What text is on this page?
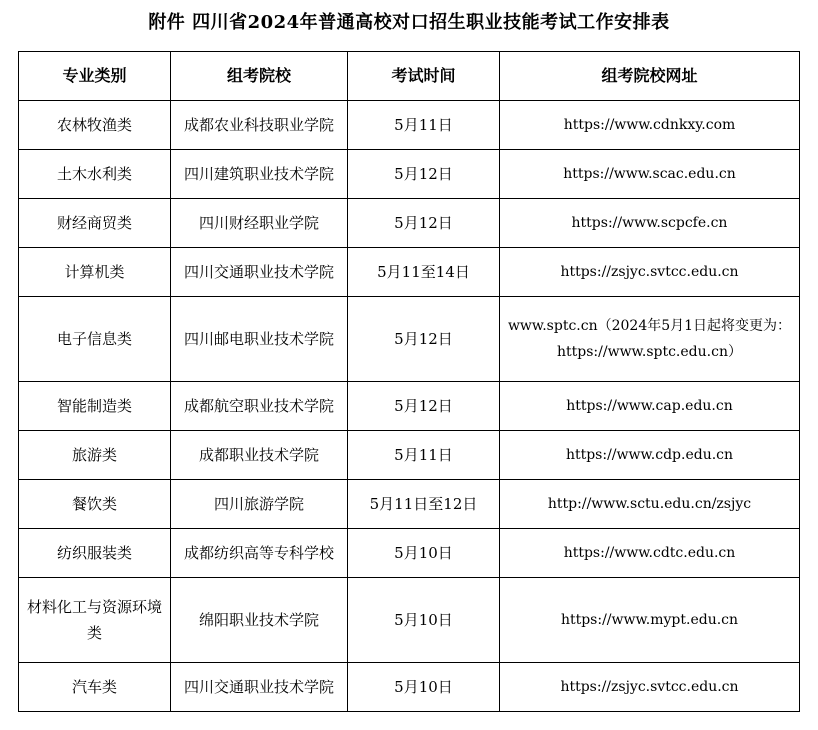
附件 四川省2024年普通高校对口招生职业技能考试工作安排表
专业类别	组考院校	考试时间	组考院校网址
农林牧渔类	成都农业科技职业学院	5月11日	https://www.cdnkxy.com
土木水利类	四川建筑职业技术学院	5月12日	https://www.scac.edu.cn
财经商贸类	四川财经职业学院	5月12日	https://www.scpcfe.cn
计算机类	四川交通职业技术学院	5月11至14日	https://zsjyc.svtcc.edu.cn
电子信息类	四川邮电职业技术学院	5月12日	www.sptc.cn（2024年5月1日起将变更为：
https://www.sptc.edu.cn）

智能制造类	成都航空职业技术学院	5月12日	https://www.cap.edu.cn
旅游类	成都职业技术学院	5月11日	https://www.cdp.edu.cn
餐饮类	四川旅游学院	5月11日至12日	http://www.sctu.edu.cn/zsjyc
纺织服装类	成都纺织高等专科学校	5月10日	https://www.cdtc.edu.cn

材料化工与资源环境
类	绵阳职业技术学院	5月10日	https://www.mypt.edu.cn
汽车类	四川交通职业技术学院	5月10日	https://zsjyc.svtcc.edu.cn
